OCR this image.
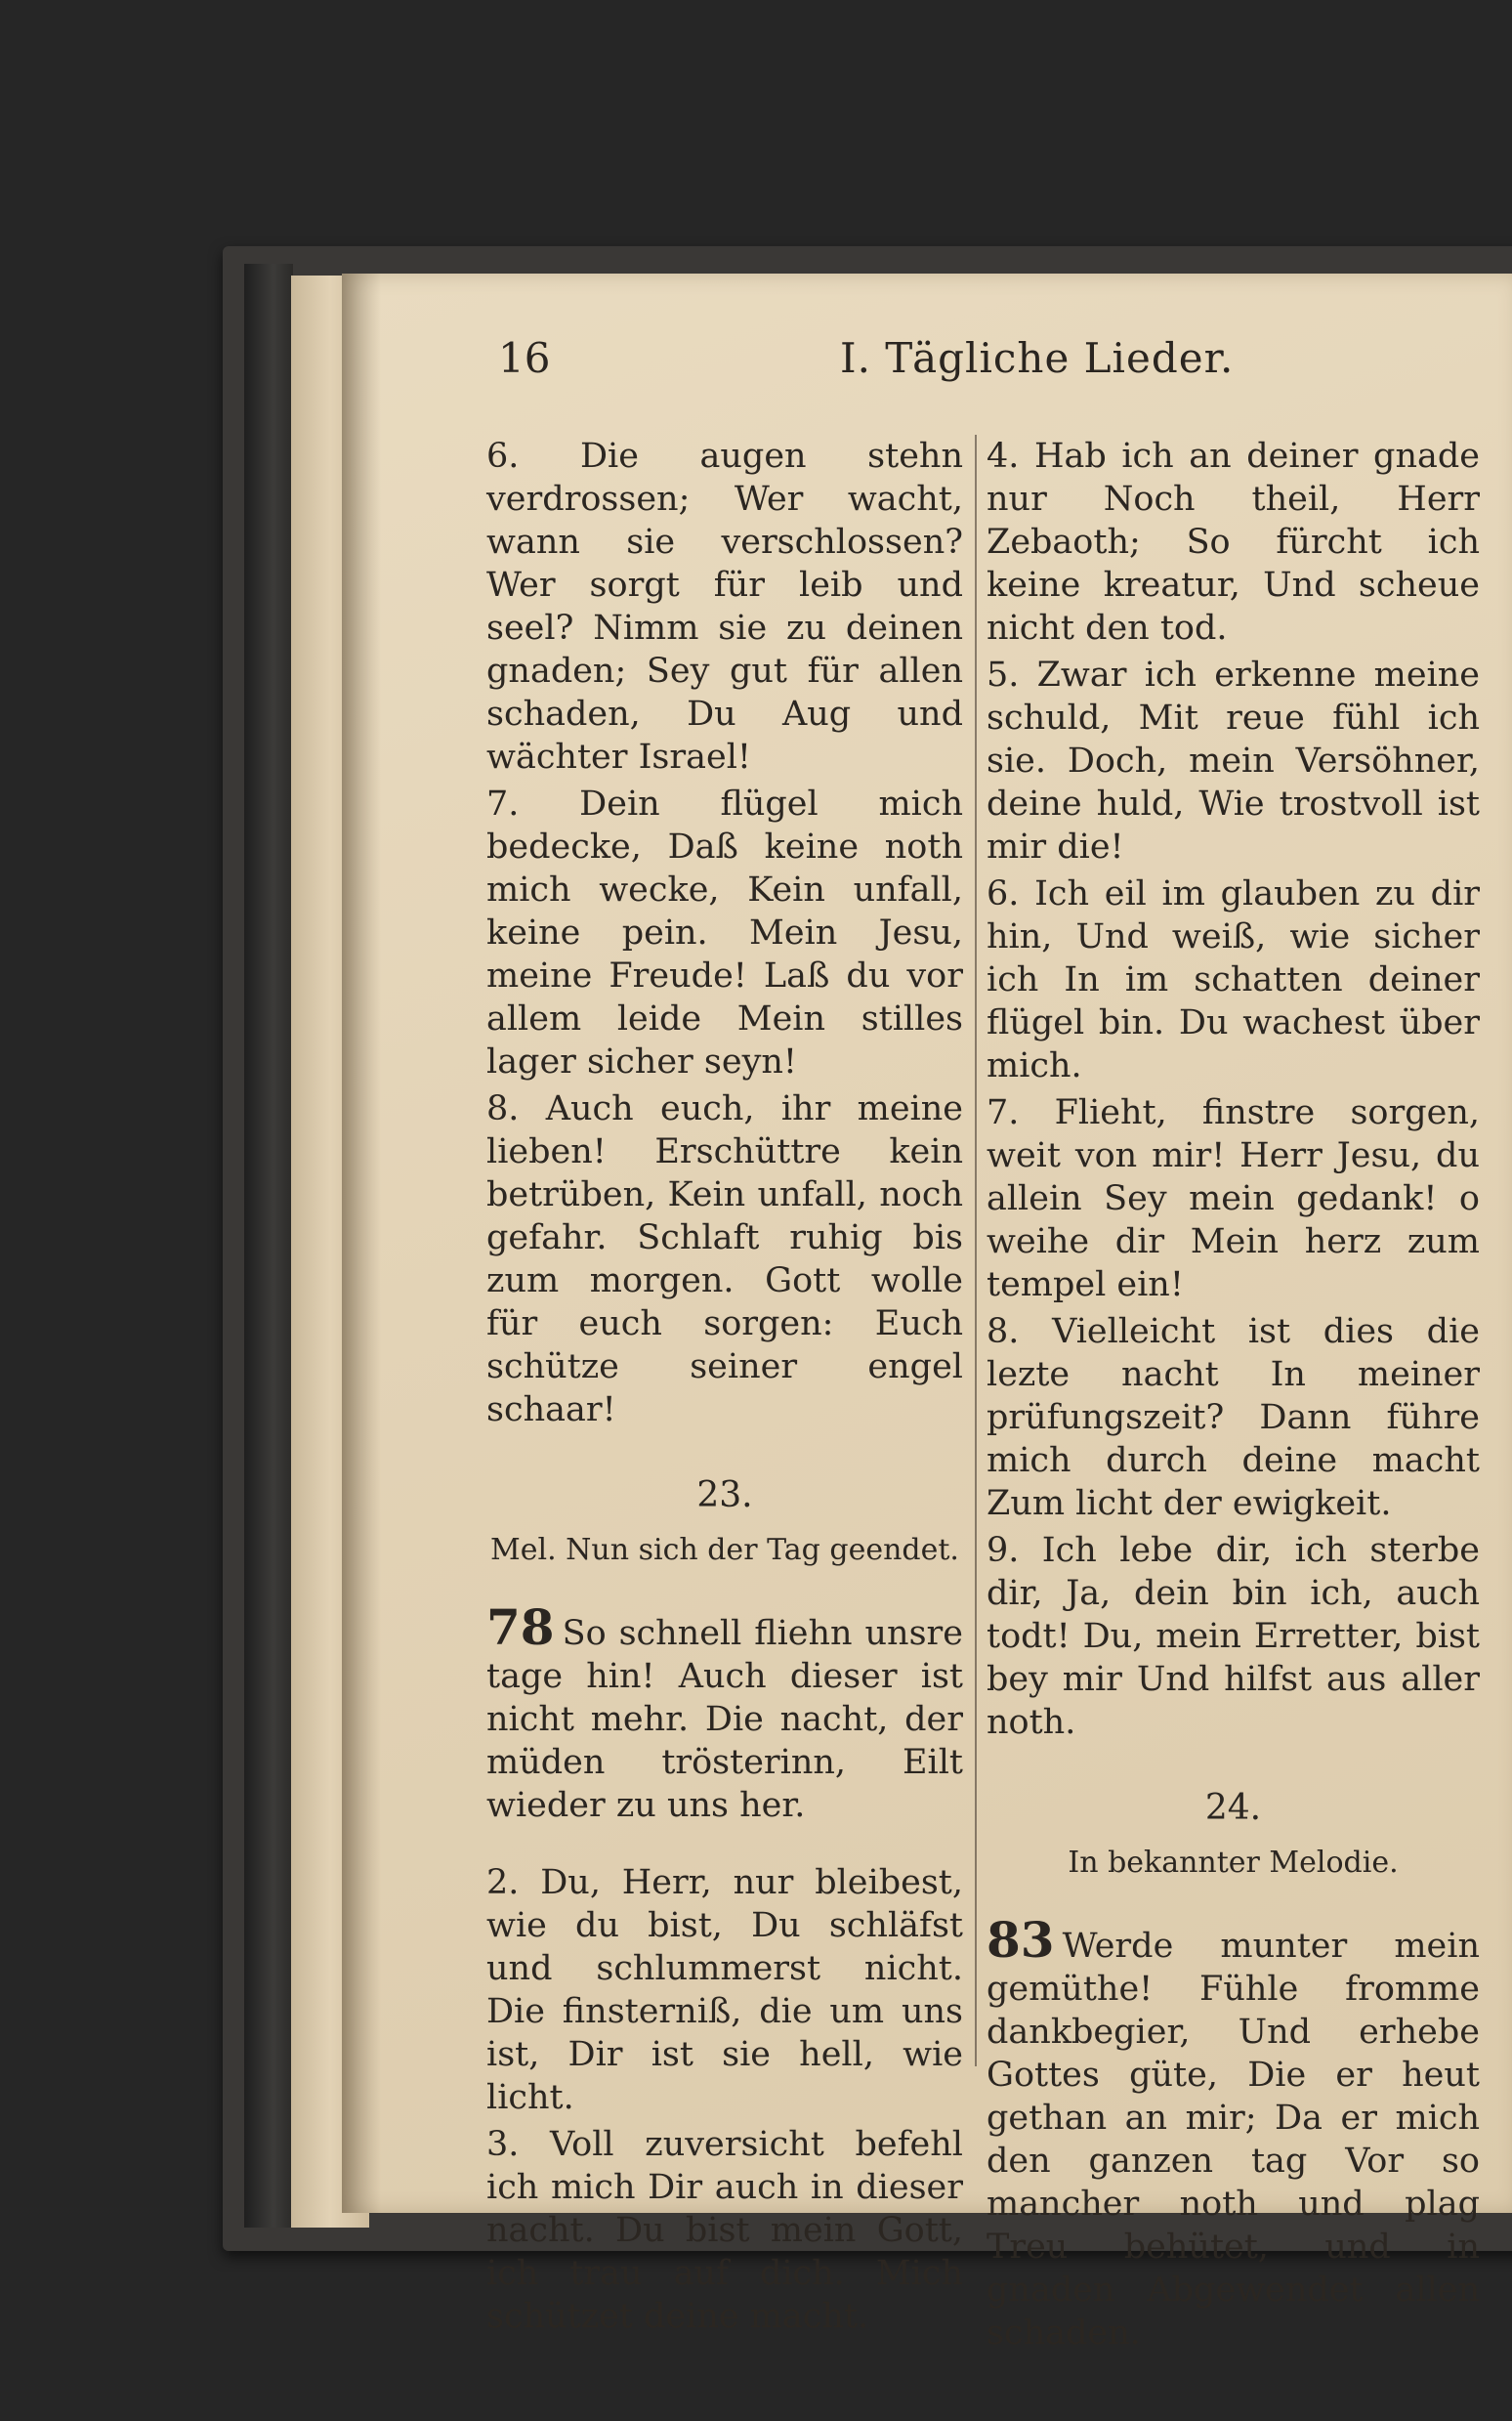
16	I. Tägliche Lieder.

6. Die augen stehn verdrossen; Wer wacht, wann sie verschlossen? Wer sorgt für leib und seel? Nimm sie zu deinen gnaden; Sey gut für allen schaden, Du Aug und wächter Israel!

7. Dein flügel mich bedecke, Daß keine noth mich wecke, Kein unfall, keine pein. Mein Jesu, meine Freude! Laß du vor allem leide Mein stilles lager sicher seyn!

8. Auch euch, ihr meine lieben! Erschüttre kein betrüben, Kein unfall, noch gefahr. Schlaft ruhig bis zum morgen. Gott wolle für euch sorgen: Euch schütze seiner engel schaar!

23.
Mel. Nun sich der Tag geendet.

78 So schnell fliehn unsre tage hin! Auch dieser ist nicht mehr. Die nacht, der müden trösterinn, Eilt wieder zu uns her.

2. Du, Herr, nur bleibest, wie du bist, Du schläfst und schlummerst nicht. Die finsterniß, die um uns ist, Dir ist sie hell, wie licht.

3. Voll zuversicht befehl ich mich Dir auch in dieser nacht. Du bist mein Gott, ich trau auf dich. Mich schützet deine macht.

4. Hab ich an deiner gnade nur Noch theil, Herr Zebaoth; So fürcht ich keine kreatur, Und scheue nicht den tod.

5. Zwar ich erkenne meine schuld, Mit reue fühl ich sie. Doch, mein Versöhner, deine huld, Wie trostvoll ist mir die!

6. Ich eil im glauben zu dir hin, Und weiß, wie sicher ich In im schatten deiner flügel bin. Du wachest über mich.

7. Flieht, finstre sorgen, weit von mir! Herr Jesu, du allein Sey mein gedank! o weihe dir Mein herz zum tempel ein!

8. Vielleicht ist dies die lezte nacht In meiner prüfungszeit? Dann führe mich durch deine macht Zum licht der ewigkeit.

9. Ich lebe dir, ich sterbe dir, Ja, dein bin ich, auch todt! Du, mein Erretter, bist bey mir Und hilfst aus aller noth.

24.
In bekannter Melodie.

83 Werde munter mein gemüthe! Fühle fromme dankbegier, Und erhebe Gottes güte, Die er heut gethan an mir; Da er mich den ganzen tag Vor so mancher noth und plag Treu behütet, und in gnaden Abgewendet allen schaden.
